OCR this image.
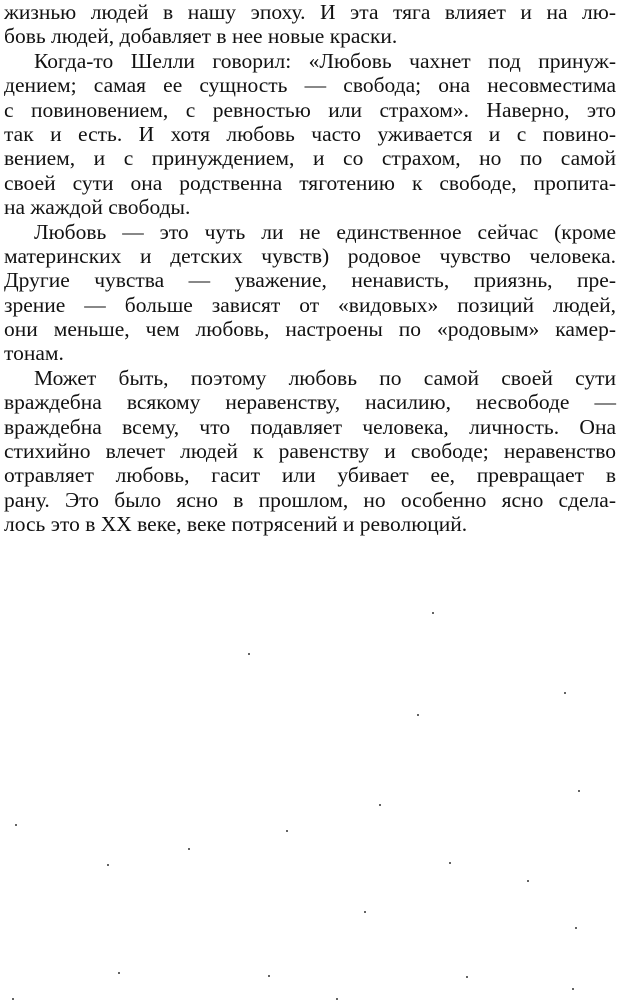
жизнью людей в нашу эпоху. И эта тяга влияет и на лю-
бовь людей, добавляет в нее новые краски.
Когда-то Шелли говорил: «Любовь чахнет под принуж-
дением; самая ее сущность — свобода; она несовместима
с повиновением, с ревностью или страхом». Наверно, это
так и есть. И хотя любовь часто уживается и с повино-
вением, и с принуждением, и со страхом, но по самой
своей сути она родственна тяготению к свободе, пропита-
на жаждой свободы.
Любовь — это чуть ли не единственное сейчас (кроме
материнских и детских чувств) родовое чувство человека.
Другие чувства — уважение, ненависть, приязнь, пре-
зрение — больше зависят от «видовых» позиций людей,
они меньше, чем любовь, настроены по «родовым» камер-
тонам.
Может быть, поэтому любовь по самой своей сути
враждебна всякому неравенству, насилию, несвободе —
враждебна всему, что подавляет человека, личность. Она
стихийно влечет людей к равенству и свободе; неравенство
отравляет любовь, гасит или убивает ее, превращает в
рану. Это было ясно в прошлом, но особенно ясно сдела-
лось это в XX веке, веке потрясений и революций.
